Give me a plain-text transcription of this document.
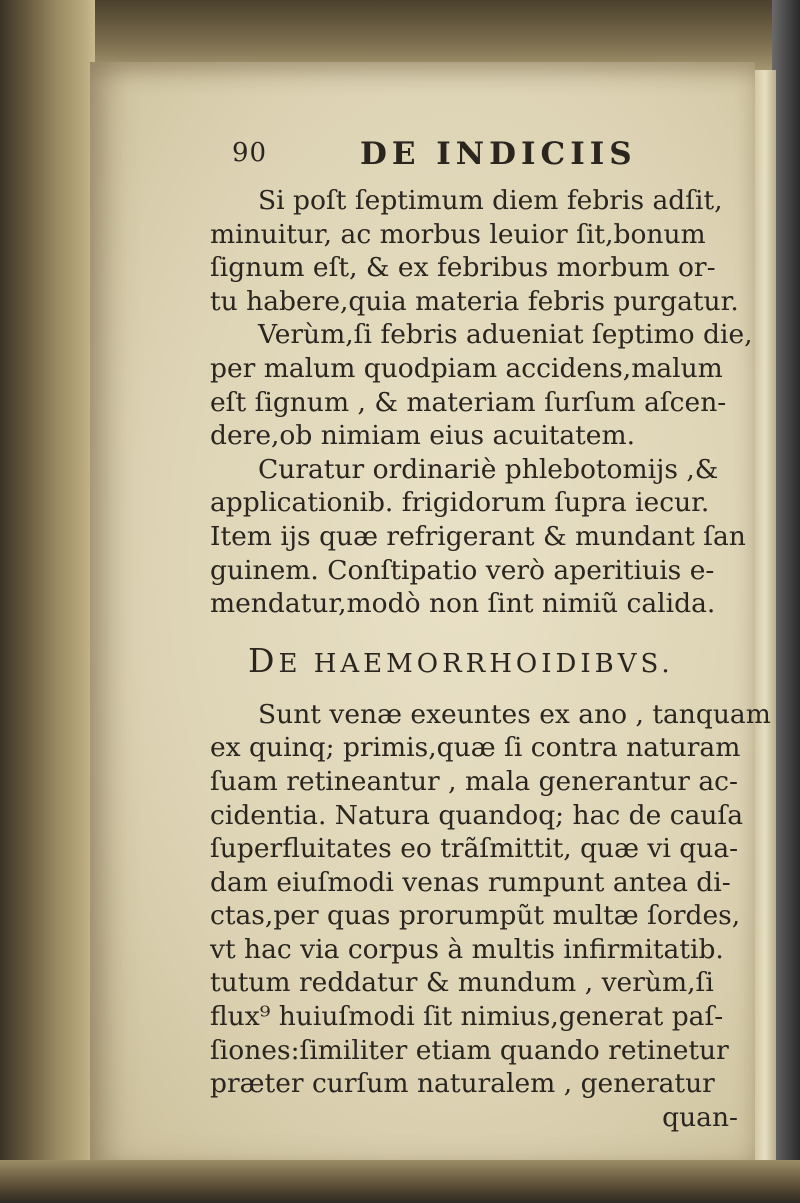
90	DE INDICIIS
Si poſt ſeptimum diem febris adſit,
minuitur, ac morbus leuior ſit,bonum
ſignum eſt, & ex febribus morbum or-
tu habere,quia materia febris purgatur.
Verùm,ſi febris adueniat ſeptimo die,
per malum quodpiam accidens,malum
eſt ſignum , & materiam ſurſum aſcen-
dere,ob nimiam eius acuitatem.
Curatur ordinariè phlebotomijs ,&
applicationib. frigidorum ſupra iecur.
Item ijs quæ refrigerant & mundant ſan
guinem. Conſtipatio verò aperitiuis e-
mendatur,modò non ſint nimiũ calida.
DE HAEMORRHOIDIBVS.
Sunt venæ exeuntes ex ano , tanquam
ex quinq; primis,quæ ſi contra naturam
ſuam retineantur , mala generantur ac-
cidentia. Natura quandoq; hac de cauſa
ſuperfluitates eo trãſmittit, quæ vi qua-
dam eiuſmodi venas rumpunt antea di-
ctas,per quas prorumpũt multæ ſordes,
vt hac via corpus à multis infirmitatib.
tutum reddatur & mundum , verùm,ſi
flux⁹ huiuſmodi ſit nimius,generat paſ-
ſiones:ſimiliter etiam quando retinetur
præter curſum naturalem , generatur
quan-
